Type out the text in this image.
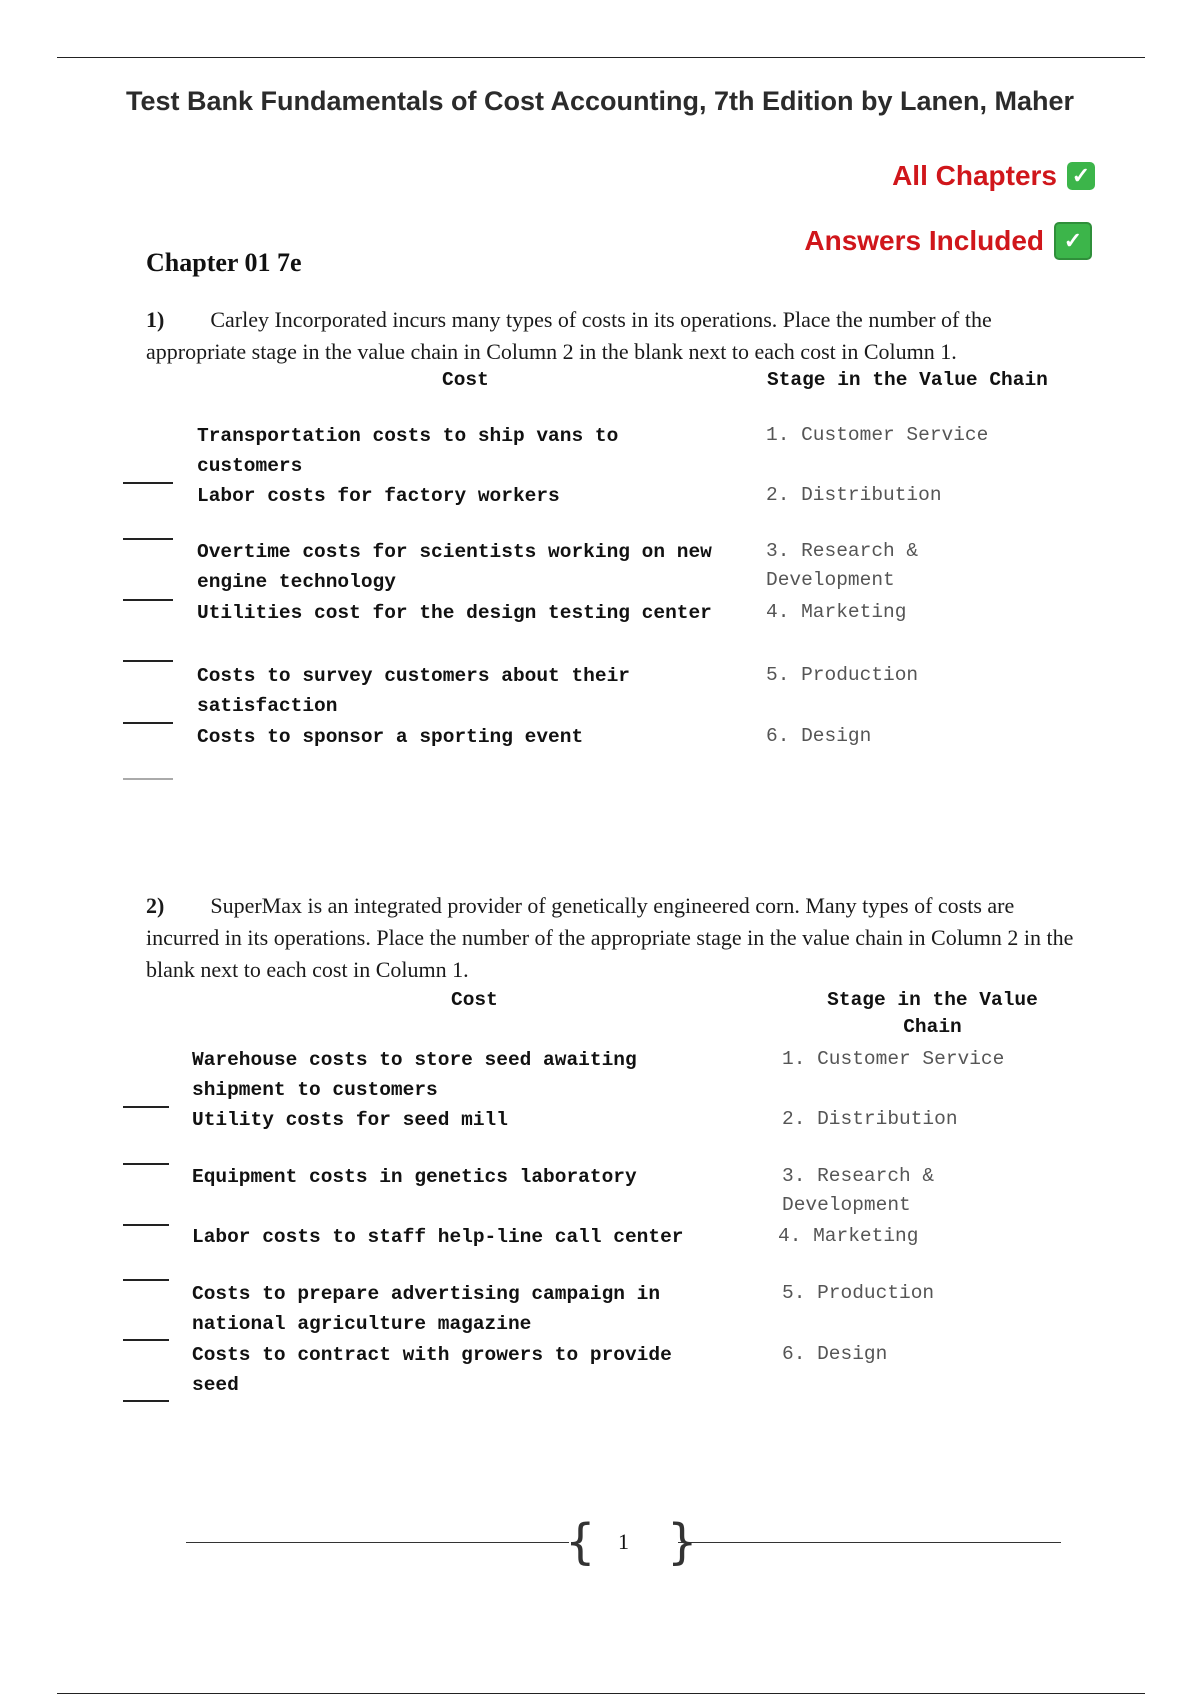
Test Bank Fundamentals of Cost Accounting, 7th Edition by Lanen, Maher
All Chapters ✓
Answers Included ✓
Chapter 01 7e
1) Carley Incorporated incurs many types of costs in its operations. Place the number of the appropriate stage in the value chain in Column 2 in the blank next to each cost in Column 1.
Cost	Stage in the Value Chain
Transportation costs to ship vans to customers
Labor costs for factory workers
Overtime costs for scientists working on new engine technology
Utilities cost for the design testing center
Costs to survey customers about their satisfaction
Costs to sponsor a sporting event
1. Customer Service
2. Distribution
3. Research & Development
4. Marketing
5. Production
6. Design
2) SuperMax is an integrated provider of genetically engineered corn. Many types of costs are incurred in its operations. Place the number of the appropriate stage in the value chain in Column 2 in the blank next to each cost in Column 1.
Cost	Stage in the Value Chain
Warehouse costs to store seed awaiting shipment to customers
Utility costs for seed mill
Equipment costs in genetics laboratory
Labor costs to staff help-line call center
Costs to prepare advertising campaign in national agriculture magazine
Costs to contract with growers to provide seed
1. Customer Service
2. Distribution
3. Research & Development
4. Marketing
5. Production
6. Design
{ 1 }
